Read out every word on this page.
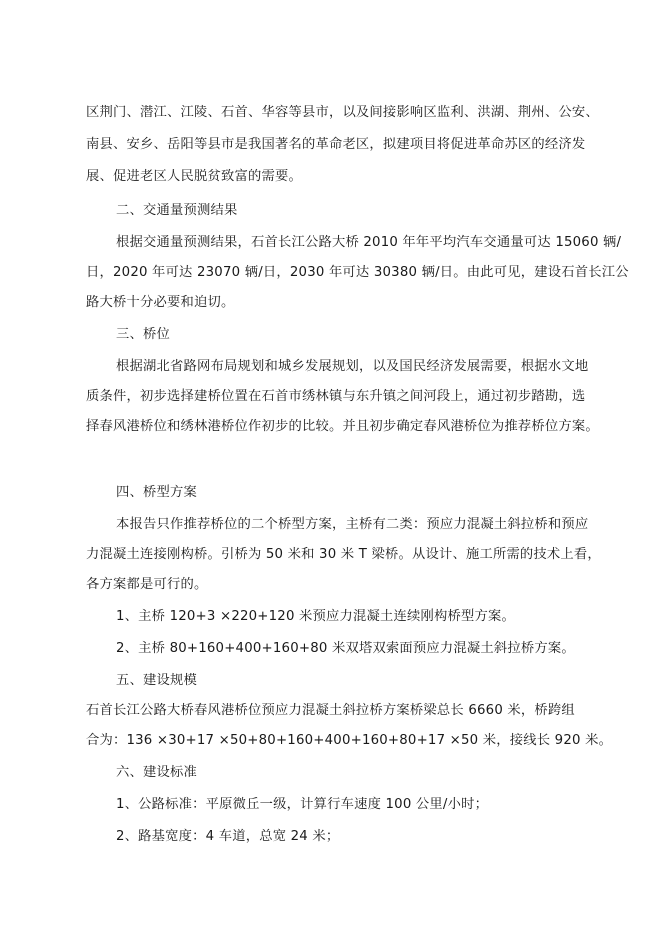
区荆门、潜江、江陵、石首、华容等县市，以及间接影响区监利、洪湖、荆州、公安、
南县、安乡、岳阳等县市是我国著名的革命老区，拟建项目将促进革命苏区的经济发
展、促进老区人民脱贫致富的需要。
二、交通量预测结果
根据交通量预测结果，石首长江公路大桥 2010 年年平均汽车交通量可达 15060 辆/
日，2020 年可达 23070 辆/日，2030 年可达 30380 辆/日。由此可见，建设石首长江公
路大桥十分必要和迫切。
三、桥位
根据湖北省路网布局规划和城乡发展规划，以及国民经济发展需要，根据水文地
质条件，初步选择建桥位置在石首市绣林镇与东升镇之间河段上，通过初步踏勘，选
择春风港桥位和绣林港桥位作初步的比较。并且初步确定春风港桥位为推荐桥位方案。
四、桥型方案
本报告只作推荐桥位的二个桥型方案，主桥有二类：预应力混凝土斜拉桥和预应
力混凝土连接刚构桥。引桥为 50 米和 30 米 T 梁桥。从设计、施工所需的技术上看，
各方案都是可行的。
1、主桥 120+3 ×220+120 米预应力混凝土连续刚构桥型方案。
2、主桥 80+160+400+160+80 米双塔双索面预应力混凝土斜拉桥方案。
五、建设规模
石首长江公路大桥春风港桥位预应力混凝土斜拉桥方案桥梁总长 6660 米，桥跨组
合为：136 ×30+17 ×50+80+160+400+160+80+17 ×50 米，接线长 920 米。
六、建设标准
1、公路标准：平原微丘一级，计算行车速度 100 公里/小时；
2、路基宽度：4 车道，总宽 24 米；
